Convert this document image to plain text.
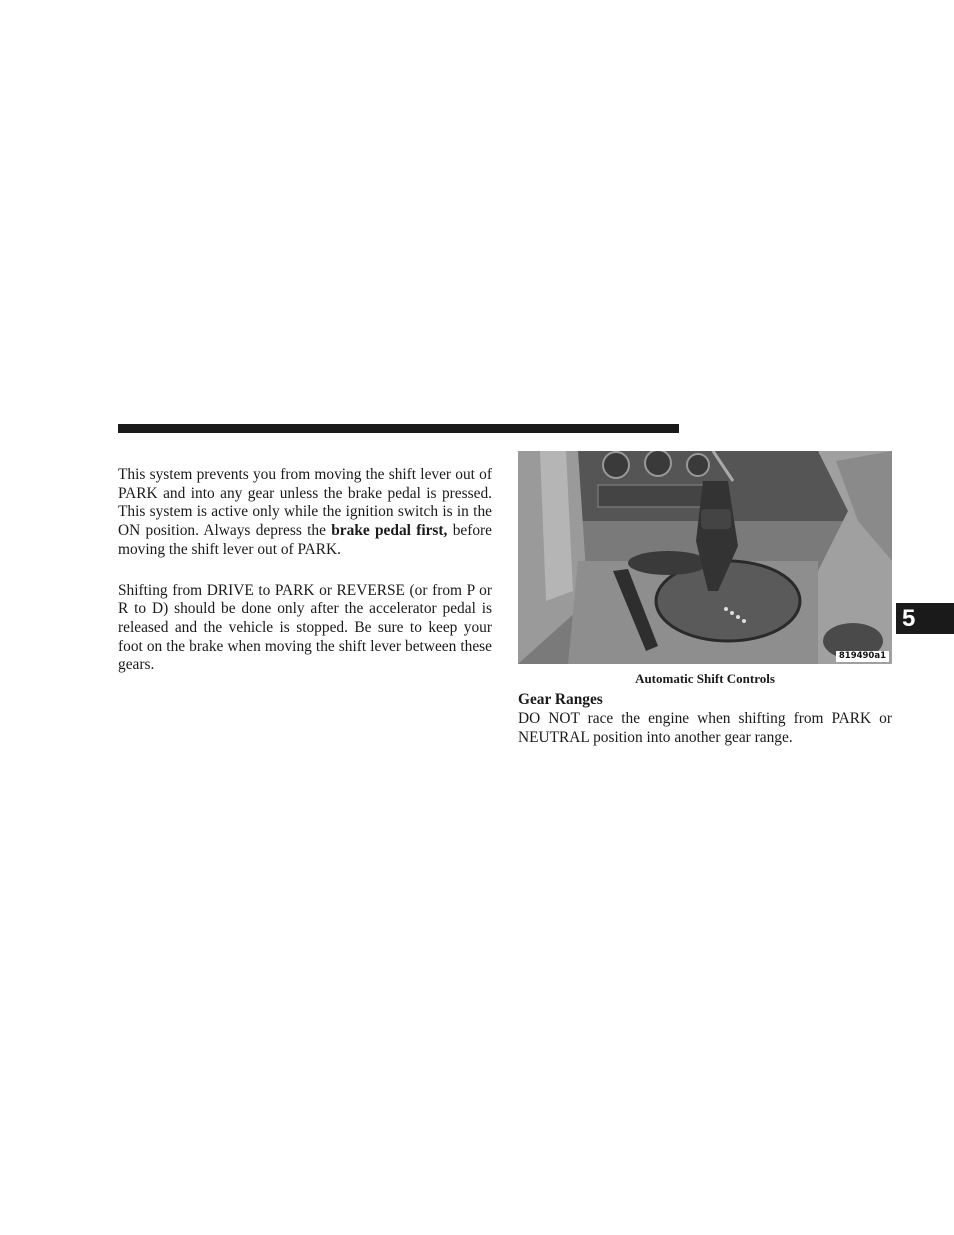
This system prevents you from moving the shift lever out of PARK and into any gear unless the brake pedal is pressed. This system is active only while the ignition switch is in the ON position. Always depress the brake pedal first, before moving the shift lever out of PARK.

Shifting from DRIVE to PARK or REVERSE (or from P or R to D) should be done only after the accelerator pedal is released and the vehicle is stopped. Be sure to keep your foot on the brake when moving the shift lever between these gears.

819490a1
Automatic Shift Controls
Gear Ranges

DO NOT race the engine when shifting from PARK or NEUTRAL position into another gear range.

5
